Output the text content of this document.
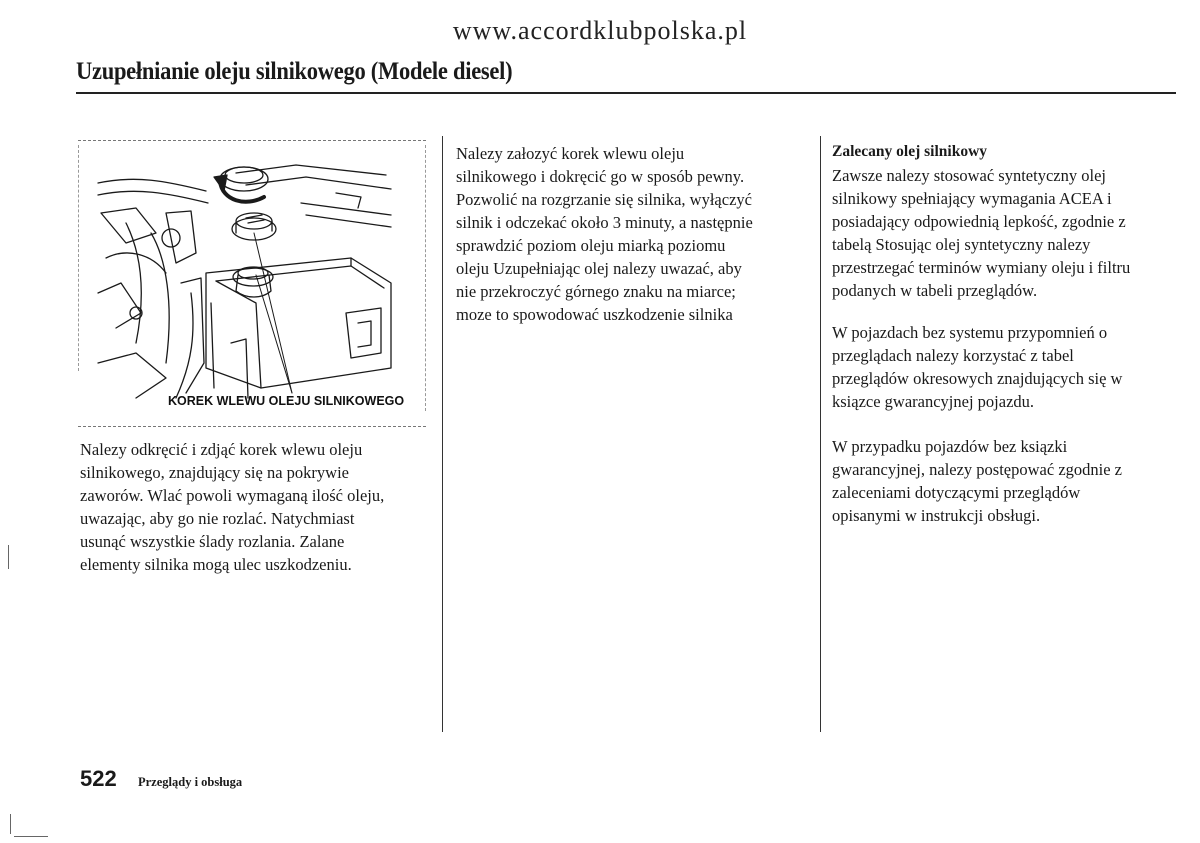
www.accordklubpolska.pl
Uzupełnianie oleju silnikowego (Modele diesel)
KOREK WLEWU OLEJU SILNIKOWEGO
Nalezy odkręcić i zdjąć korek wlewu oleju
silnikowego, znajdujący się na pokrywie
zaworów. Wlać powoli wymaganą ilość oleju,
uwazając, aby go nie rozlać. Natychmiast
usunąć wszystkie ślady rozlania. Zalane
elementy silnika mogą ulec uszkodzeniu.
Nalezy załozyć korek wlewu oleju
silnikowego i dokręcić go w sposób pewny.
Pozwolić na rozgrzanie się silnika, wyłączyć
silnik i odczekać około 3 minuty, a następnie
sprawdzić poziom oleju miarką poziomu
oleju Uzupełniając olej nalezy uwazać, aby
nie przekroczyć górnego znaku na miarce;
moze to spowodować uszkodzenie silnika
Zalecany olej silnikowy
Zawsze nalezy stosować syntetyczny olej
silnikowy spełniający wymagania ACEA i
posiadający odpowiednią lepkość, zgodnie z
tabelą Stosując olej syntetyczny nalezy
przestrzegać terminów wymiany oleju i filtru
podanych w tabeli przeglądów.
W pojazdach bez systemu przypomnień o
przeglądach nalezy korzystać z tabel
przeglądów okresowych znajdujących się w
ksiązce gwarancyjnej pojazdu.
W przypadku pojazdów bez ksiązki
gwarancyjnej, nalezy postępować zgodnie z
zaleceniami dotyczącymi przeglądów
opisanymi w instrukcji obsługi.
522 Przeglądy i obsługa
